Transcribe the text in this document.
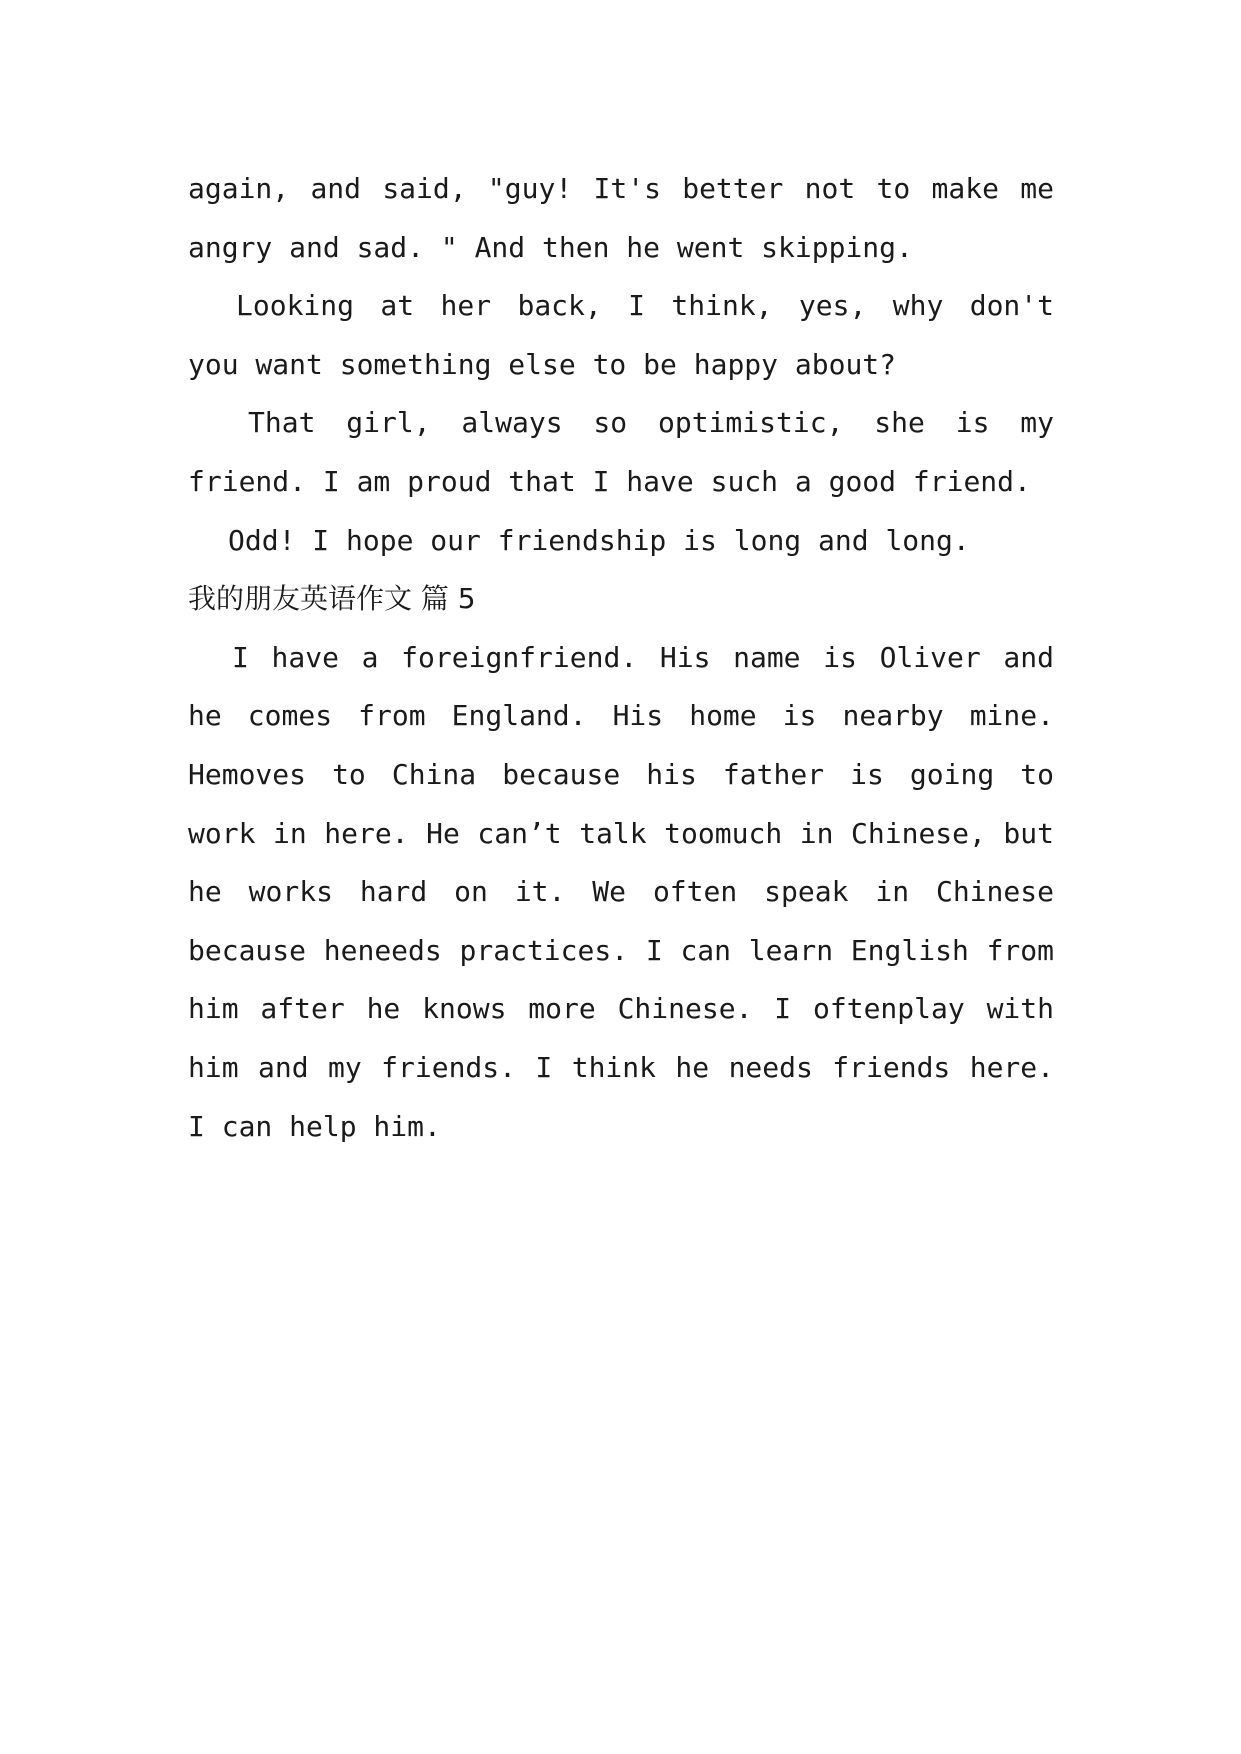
again, and said, "guy! It's better not to make me
angry and sad. " And then he went skipping.
Looking at her back, I think, yes, why don't
you want something else to be happy about?
That girl, always so optimistic, she is my
friend. I am proud that I have such a good friend.
Odd! I hope our friendship is long and long.
我的朋友英语作文 篇 5
I have a foreignfriend. His name is Oliver and
he comes from England. His home is nearby mine.
Hemoves to China because his father is going to
work in here. He can’t talk toomuch in Chinese, but
he works hard on it. We often speak in Chinese
because heneeds practices. I can learn English from
him after he knows more Chinese. I oftenplay with
him and my friends. I think he needs friends here.
I can help him.
